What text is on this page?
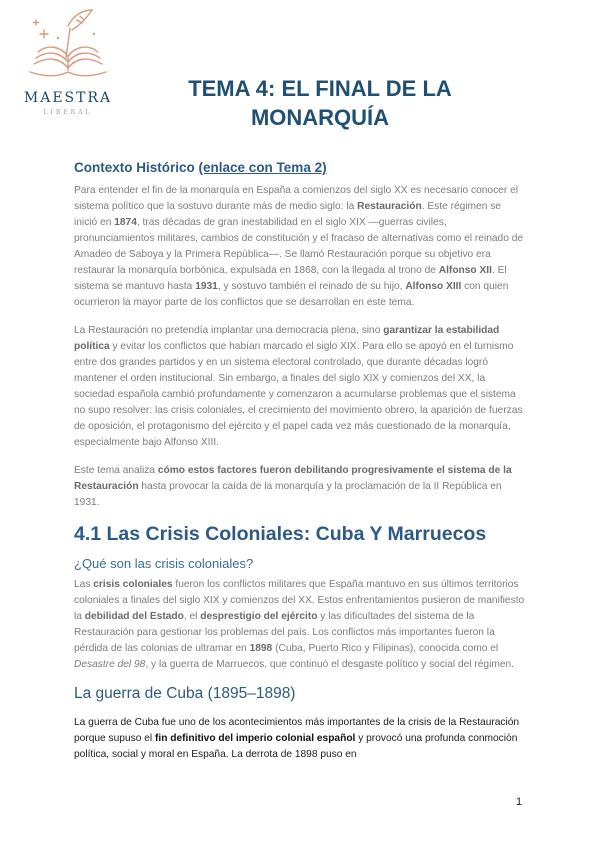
MAESTRA
LIBERAL
TEMA 4: EL FINAL DE LA MONARQUÍA
Contexto Histórico (enlace con Tema 2)

Para entender el fin de la monarquía en España a comienzos del siglo XX es necesario conocer el sistema político que la sostuvo durante más de medio siglo: la Restauración. Este régimen se inició en 1874, tras décadas de gran inestabilidad en el siglo XIX —guerras civiles, pronunciamientos militares, cambios de constitución y el fracaso de alternativas como el reinado de Amadeo de Saboya y la Primera República—. Se llamó Restauración porque su objetivo era restaurar la monarquía borbónica, expulsada en 1868, con la llegada al trono de Alfonso XII. El sistema se mantuvo hasta 1931, y sostuvo también el reinado de su hijo, Alfonso XIII con quien ocurrieron la mayor parte de los conflictos que se desarrollan en este tema.

La Restauración no pretendía implantar una democracia plena, sino garantizar la estabilidad política y evitar los conflictos que habían marcado el siglo XIX. Para ello se apoyó en el turnismo entre dos grandes partidos y en un sistema electoral controlado, que durante décadas logró mantener el orden institucional. Sin embargo, a finales del siglo XIX y comienzos del XX, la sociedad española cambió profundamente y comenzaron a acumularse problemas que el sistema no supo resolver: las crisis coloniales, el crecimiento del movimiento obrero, la aparición de fuerzas de oposición, el protagonismo del ejército y el papel cada vez más cuestionado de la monarquía, especialmente bajo Alfonso XIII.

Este tema analiza cómo estos factores fueron debilitando progresivamente el sistema de la Restauración hasta provocar la caída de la monarquía y la proclamación de la II República en 1931.

4.1 Las Crisis Coloniales: Cuba Y Marruecos
¿Qué son las crisis coloniales?

Las crisis coloniales fueron los conflictos militares que España mantuvo en sus últimos territorios coloniales a finales del siglo XIX y comienzos del XX. Estos enfrentamientos pusieron de manifiesto la debilidad del Estado, el desprestigio del ejército y las dificultades del sistema de la Restauración para gestionar los problemas del país. Los conflictos más importantes fueron la pérdida de las colonias de ultramar en 1898 (Cuba, Puerto Rico y Filipinas), conocida como el Desastre del 98, y la guerra de Marruecos, que continuó el desgaste político y social del régimen.

La guerra de Cuba (1895–1898)

La guerra de Cuba fue uno de los acontecimientos más importantes de la crisis de la Restauración porque supuso el fin definitivo del imperio colonial español y provocó una profunda conmoción política, social y moral en España. La derrota de 1898 puso en

1
